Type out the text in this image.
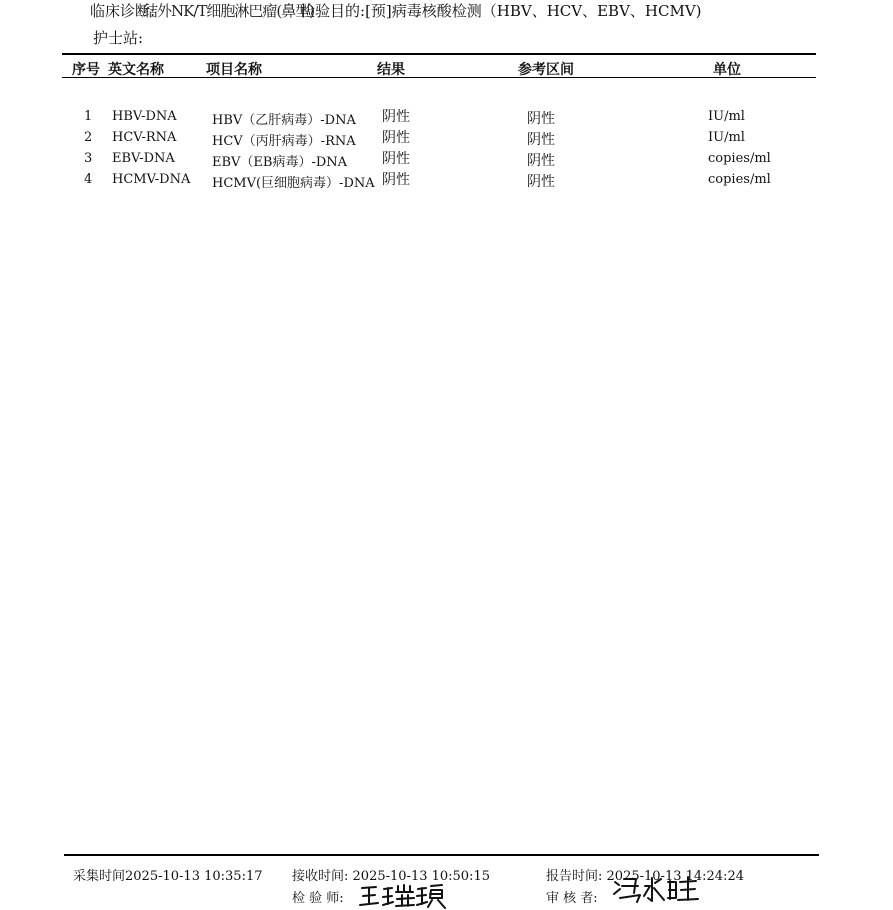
临床诊断:
结外NK/T细胞淋巴瘤(鼻型)
检验目的:[预]病毒核酸检测（HBV、HCV、EBV、HCMV)
护士站:
序号 英文名称	项目名称	结果	参考区间	单位
1 HBV-DNA	HBV（乙肝病毒）-DNA 阴性	阴性	IU/ml
2 HCV-RNA	HCV（丙肝病毒）-RNA 阴性	阴性	IU/ml
3 EBV-DNA	EBV（EB病毒）-DNA 阴性	阴性	copies/ml
4 HCMV-DNA HCMV(巨细胞病毒）-DNA 阴性	阴性	copies/ml
采集时间2025-10-13 10:35:17 接收时间: 2025-10-13 10:50:15	报告时间: 2025-10-13 14:24:24
检 验 师:	审 核 者:
